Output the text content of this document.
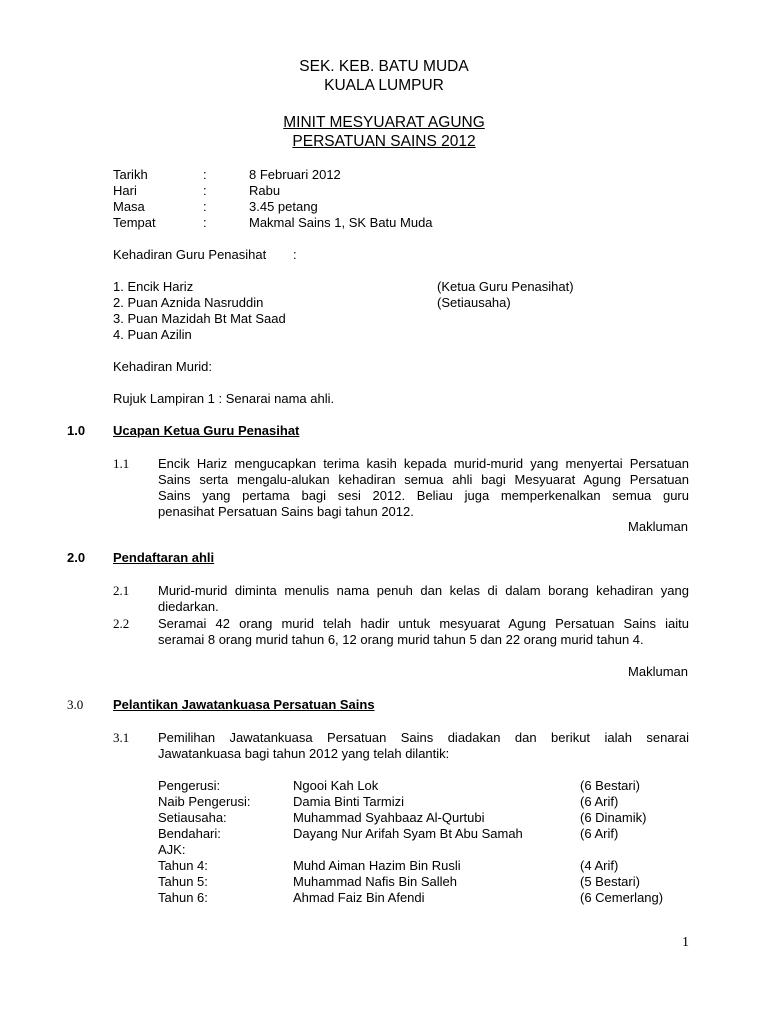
SEK. KEB. BATU MUDA
KUALA LUMPUR
MINIT MESYUARAT AGUNG
PERSATUAN SAINS 2012
Tarikh	:	8 Februari 2012
Hari	:	Rabu
Masa	:	3.45 petang
Tempat	:	Makmal Sains 1, SK Batu Muda
Kehadiran Guru Penasihat :
1. Encik Hariz	(Ketua Guru Penasihat)
2. Puan Aznida Nasruddin	(Setiausaha)
3. Puan Mazidah Bt Mat Saad
4. Puan Azilin
Kehadiran Murid:
Rujuk Lampiran 1 : Senarai nama ahli.
1.0 Ucapan Ketua Guru Penasihat
1.1 Encik Hariz mengucapkan terima kasih kepada murid-murid yang menyertai Persatuan
Sains serta mengalu-alukan kehadiran semua ahli bagi Mesyuarat Agung Persatuan
Sains yang pertama bagi sesi 2012. Beliau juga memperkenalkan semua guru
penasihat Persatuan Sains bagi tahun 2012.
Makluman
2.0 Pendaftaran ahli
2.1 Murid-murid diminta menulis nama penuh dan kelas di dalam borang kehadiran yang
diedarkan.
2.2 Seramai 42 orang murid telah hadir untuk mesyuarat Agung Persatuan Sains iaitu
seramai 8 orang murid tahun 6, 12 orang murid tahun 5 dan 22 orang murid tahun 4.
Makluman
3.0 Pelantikan Jawatankuasa Persatuan Sains
3.1 Pemilihan Jawatankuasa Persatuan Sains diadakan dan berikut ialah senarai
Jawatankuasa bagi tahun 2012 yang telah dilantik:
Pengerusi:	Ngooi Kah Lok	(6 Bestari)
Naib Pengerusi:	Damia Binti Tarmizi	(6 Arif)
Setiausaha:	Muhammad Syahbaaz Al-Qurtubi	(6 Dinamik)
Bendahari:	Dayang Nur Arifah Syam Bt Abu Samah	(6 Arif)
AJK:
Tahun 4:	Muhd Aiman Hazim Bin Rusli	(4 Arif)
Tahun 5:	Muhammad Nafis Bin Salleh	(5 Bestari)
Tahun 6:	Ahmad Faiz Bin Afendi	(6 Cemerlang)
1
